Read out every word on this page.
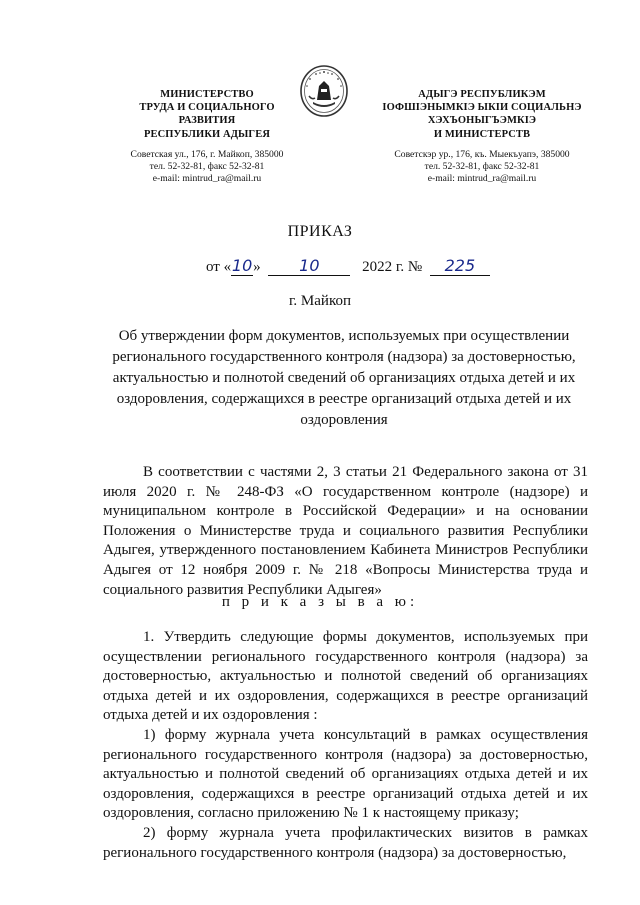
МИНИСТЕРСТВО
ТРУДА И СОЦИАЛЬНОГО
РАЗВИТИЯ
РЕСПУБЛИКИ АДЫГЕЯ
Советская ул., 176, г. Майкоп, 385000
тел. 52-32-81, факс 52-32-81
e-mail: mintrud_ra@mail.ru
АДЫГЭ РЕСПУБЛИКЭМ
ІОФШІЭНЫМКІЭ ЫКІИ СОЦИАЛЬНЭ
ХЭХЪОНЫГЪЭМКІЭ
И МИНИСТЕРСТВ
Советскэр ур., 176, къ. Мыекъуапэ, 385000
тел. 52-32-81, факс 52-32-81
e-mail: mintrud_ra@mail.ru
ПРИКАЗ
от «10» 10	2022 г. № 225
г. Майкоп
Об утверждении форм документов, используемых при осуществлении регионального государственного контроля (надзора) за достоверностью, актуальностью и полнотой сведений об организациях отдыха детей и их оздоровления, содержащихся в реестре организаций отдыха детей и их оздоровления

В соответствии с частями 2, 3 статьи 21 Федерального закона от 31 июля 2020 г. № 248-ФЗ «О государственном контроле (надзоре) и муниципальном контроле в Российской Федерации» и на основании Положения о Министерстве труда и социального развития Республики Адыгея, утвержденного постановлением Кабинета Министров Республики Адыгея от 12 ноября 2009 г. № 218 «Вопросы Министерства труда и социального развития Республики Адыгея»

п р и к а з ы в а ю:

1. Утвердить следующие формы документов, используемых при осуществлении регионального государственного контроля (надзора) за достоверностью, актуальностью и полнотой сведений об организациях отдыха детей и их оздоровления, содержащихся в реестре организаций отдыха детей и их оздоровления :

1) форму журнала учета консультаций в рамках осуществления регионального государственного контроля (надзора) за достоверностью, актуальностью и полнотой сведений об организациях отдыха детей и их оздоровления, содержащихся в реестре организаций отдыха детей и их оздоровления, согласно приложению № 1 к настоящему приказу;

2) форму журнала учета профилактических визитов в рамках регионального государственного контроля (надзора) за достоверностью,
